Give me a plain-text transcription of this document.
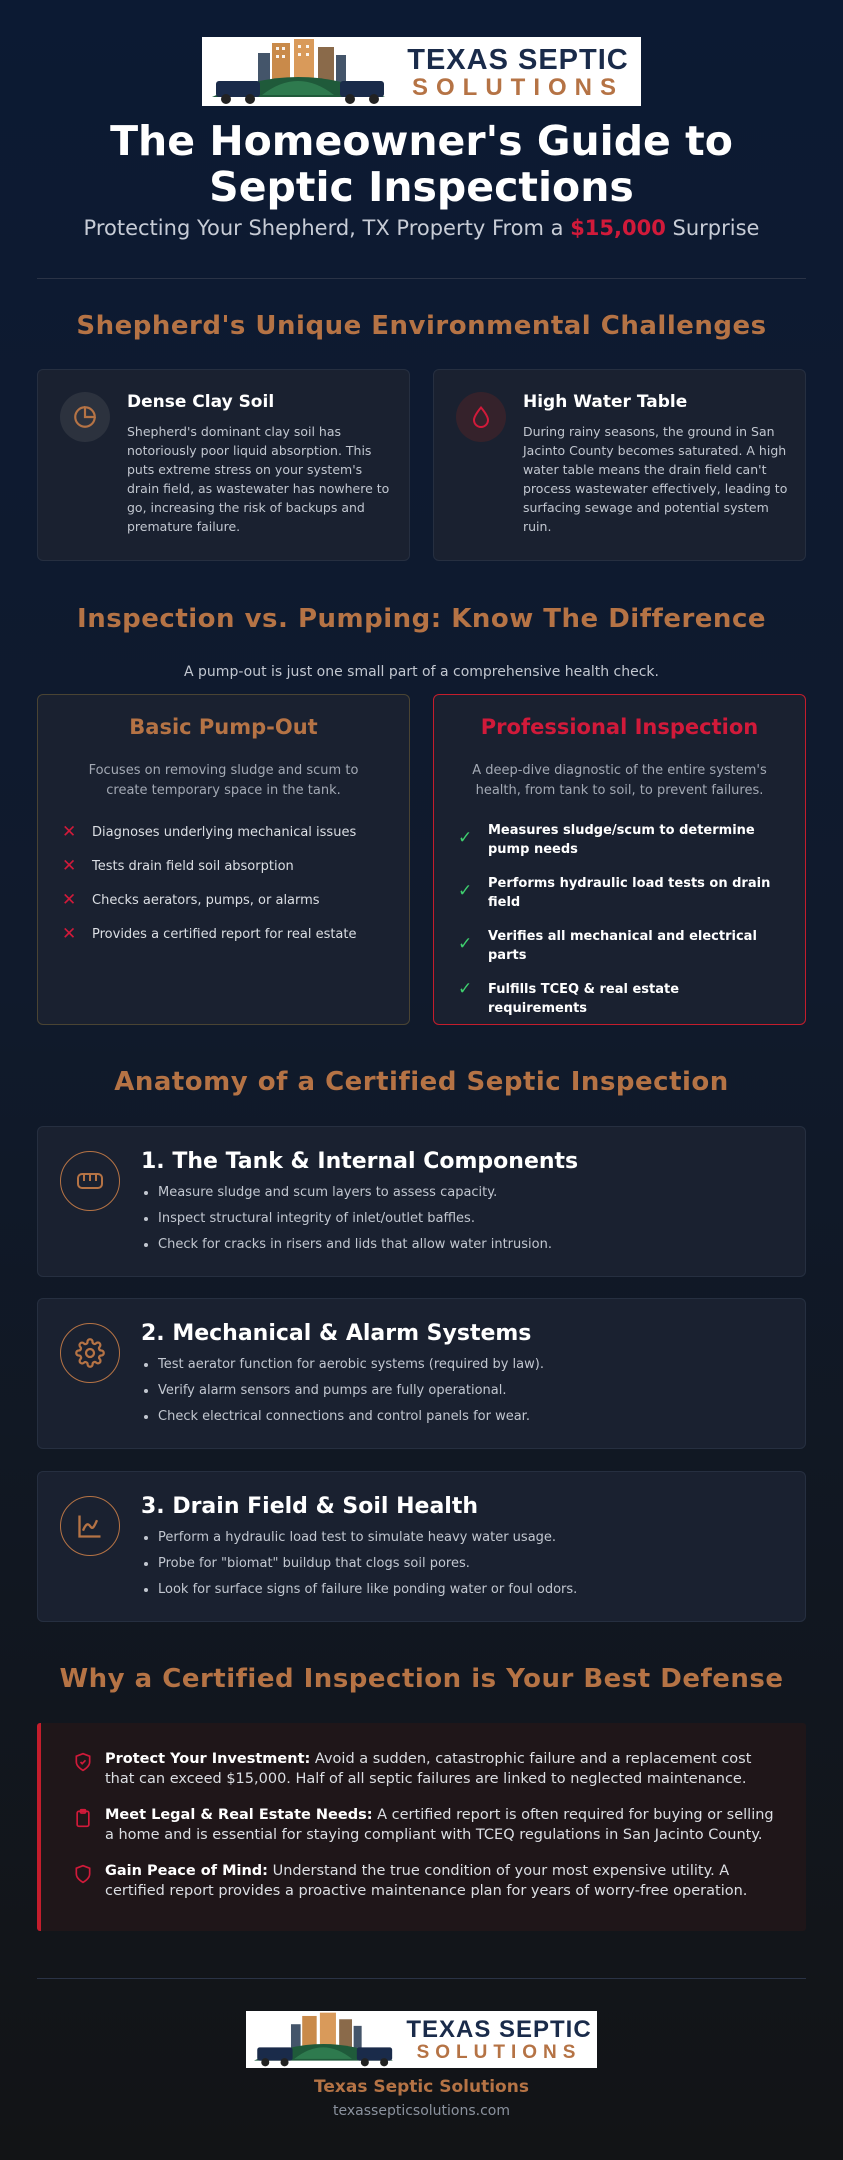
TEXAS SEPTIC
SOLUTIONS
The Homeowner's Guide to
Septic Inspections
Protecting Your Shepherd, TX Property From a $15,000 Surprise
Shepherd's Unique Environmental Challenges
Dense Clay Soil

Shepherd's dominant clay soil has notoriously poor liquid absorption. This puts extreme stress on your system's drain field, as wastewater has nowhere to go, increasing the risk of backups and premature failure.

High Water Table

During rainy seasons, the ground in San Jacinto County becomes saturated. A high water table means the drain field can't process wastewater effectively, leading to surfacing sewage and potential system ruin.

Inspection vs. Pumping: Know The Difference
A pump-out is just one small part of a comprehensive health check.
Basic Pump-Out
Focuses on removing sludge and scum to create temporary space in the tank.
✕	Diagnoses underlying mechanical issues
✕	Tests drain field soil absorption
✕	Checks aerators, pumps, or alarms
✕	Provides a certified report for real estate
Professional Inspection
A deep-dive diagnostic of the entire system's health, from tank to soil, to prevent failures.
✓	Measures sludge/scum to determine pump needs
✓	Performs hydraulic load tests on drain field
✓	Verifies all mechanical and electrical parts
✓	Fulfills TCEQ & real estate requirements
Anatomy of a Certified Septic Inspection
1. The Tank & Internal Components
• Measure sludge and scum layers to assess capacity.
• Inspect structural integrity of inlet/outlet baffles.
• Check for cracks in risers and lids that allow water intrusion.
2. Mechanical & Alarm Systems
• Test aerator function for aerobic systems (required by law).
• Verify alarm sensors and pumps are fully operational.
• Check electrical connections and control panels for wear.
3. Drain Field & Soil Health
• Perform a hydraulic load test to simulate heavy water usage.
• Probe for "biomat" buildup that clogs soil pores.
• Look for surface signs of failure like ponding water or foul odors.
Why a Certified Inspection is Your Best Defense
Protect Your Investment: Avoid a sudden, catastrophic failure and a replacement cost that can exceed $15,000. Half of all septic failures are linked to neglected maintenance.
Meet Legal & Real Estate Needs: A certified report is often required for buying or selling a home and is essential for staying compliant with TCEQ regulations in San Jacinto County.
Gain Peace of Mind: Understand the true condition of your most expensive utility. A certified report provides a proactive maintenance plan for years of worry-free operation.
TEXAS SEPTIC
SOLUTIONS
Texas Septic Solutions
texassepticsolutions.com
